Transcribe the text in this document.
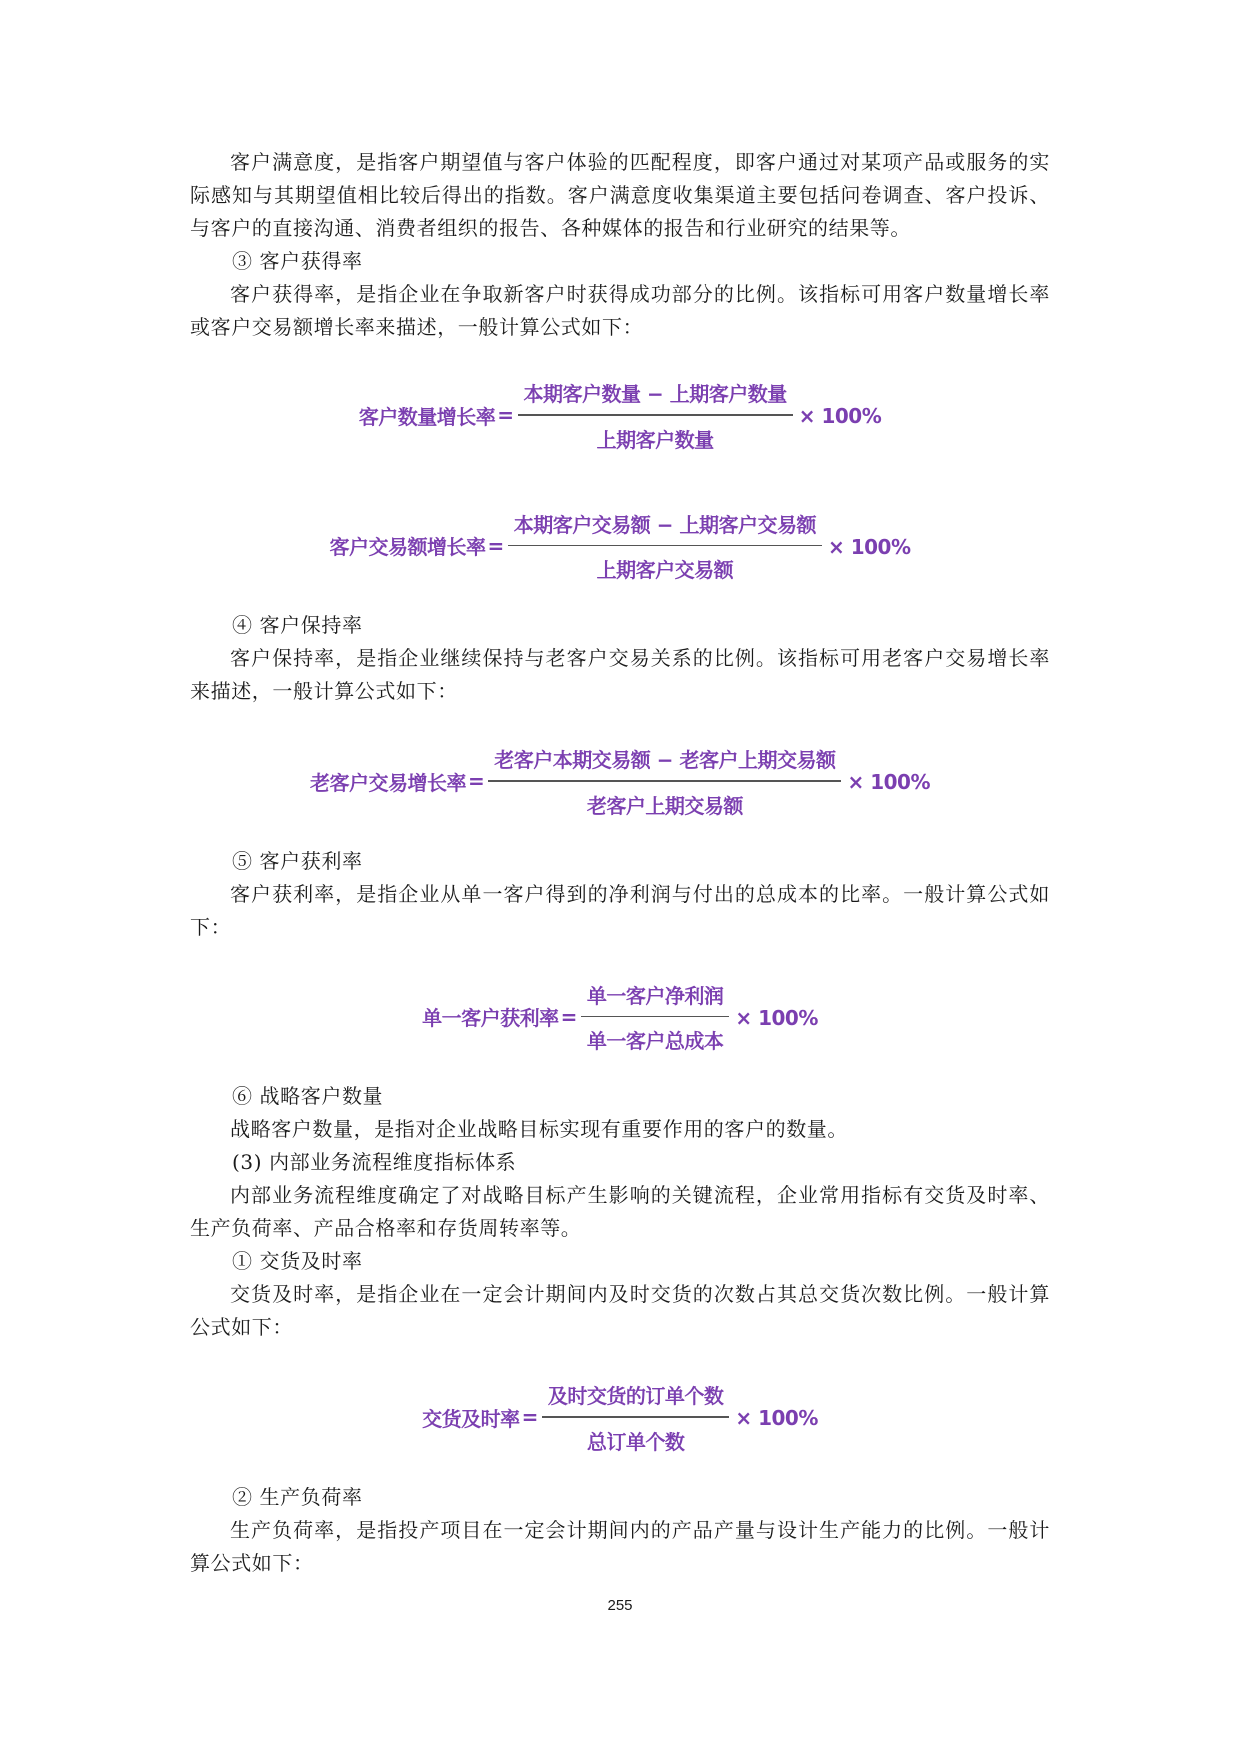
客户满意度，是指客户期望值与客户体验的匹配程度，即客户通过对某项产品或服务的实际感知与其期望值相比较后得出的指数。客户满意度收集渠道主要包括问卷调查、客户投诉、与客户的直接沟通、消费者组织的报告、各种媒体的报告和行业研究的结果等。

③ 客户获得率

客户获得率，是指企业在争取新客户时获得成功部分的比例。该指标可用客户数量增长率或客户交易额增长率来描述，一般计算公式如下：

客户数量增长率 = $\frac{\text{本期客户数量 − 上期客户数量}}{\text{上期客户数量}} \times 100\%$
客户交易额增长率 = $\frac{\text{本期客户交易额 − 上期客户交易额}}{\text{上期客户交易额}} \times 100\%$

④ 客户保持率

客户保持率，是指企业继续保持与老客户交易关系的比例。该指标可用老客户交易增长率来描述，一般计算公式如下：

老客户交易增长率 = $\frac{\text{老客户本期交易额 − 老客户上期交易额}}{\text{老客户上期交易额}} \times 100\%$

⑤ 客户获利率

客户获利率，是指企业从单一客户得到的净利润与付出的总成本的比率。一般计算公式如下：

单一客户获利率 = $\frac{\text{单一客户净利润}}{\text{单一客户总成本}} \times 100\%$

⑥ 战略客户数量

战略客户数量，是指对企业战略目标实现有重要作用的客户的数量。

(3) 内部业务流程维度指标体系

内部业务流程维度确定了对战略目标产生影响的关键流程，企业常用指标有交货及时率、生产负荷率、产品合格率和存货周转率等。

① 交货及时率

交货及时率，是指企业在一定会计期间内及时交货的次数占其总交货次数比例。一般计算公式如下：

交货及时率 = $\frac{\text{及时交货的订单个数}}{\text{总订单个数}} \times 100\%$

② 生产负荷率

生产负荷率，是指投产项目在一定会计期间内的产品产量与设计生产能力的比例。一般计算公式如下：

255
